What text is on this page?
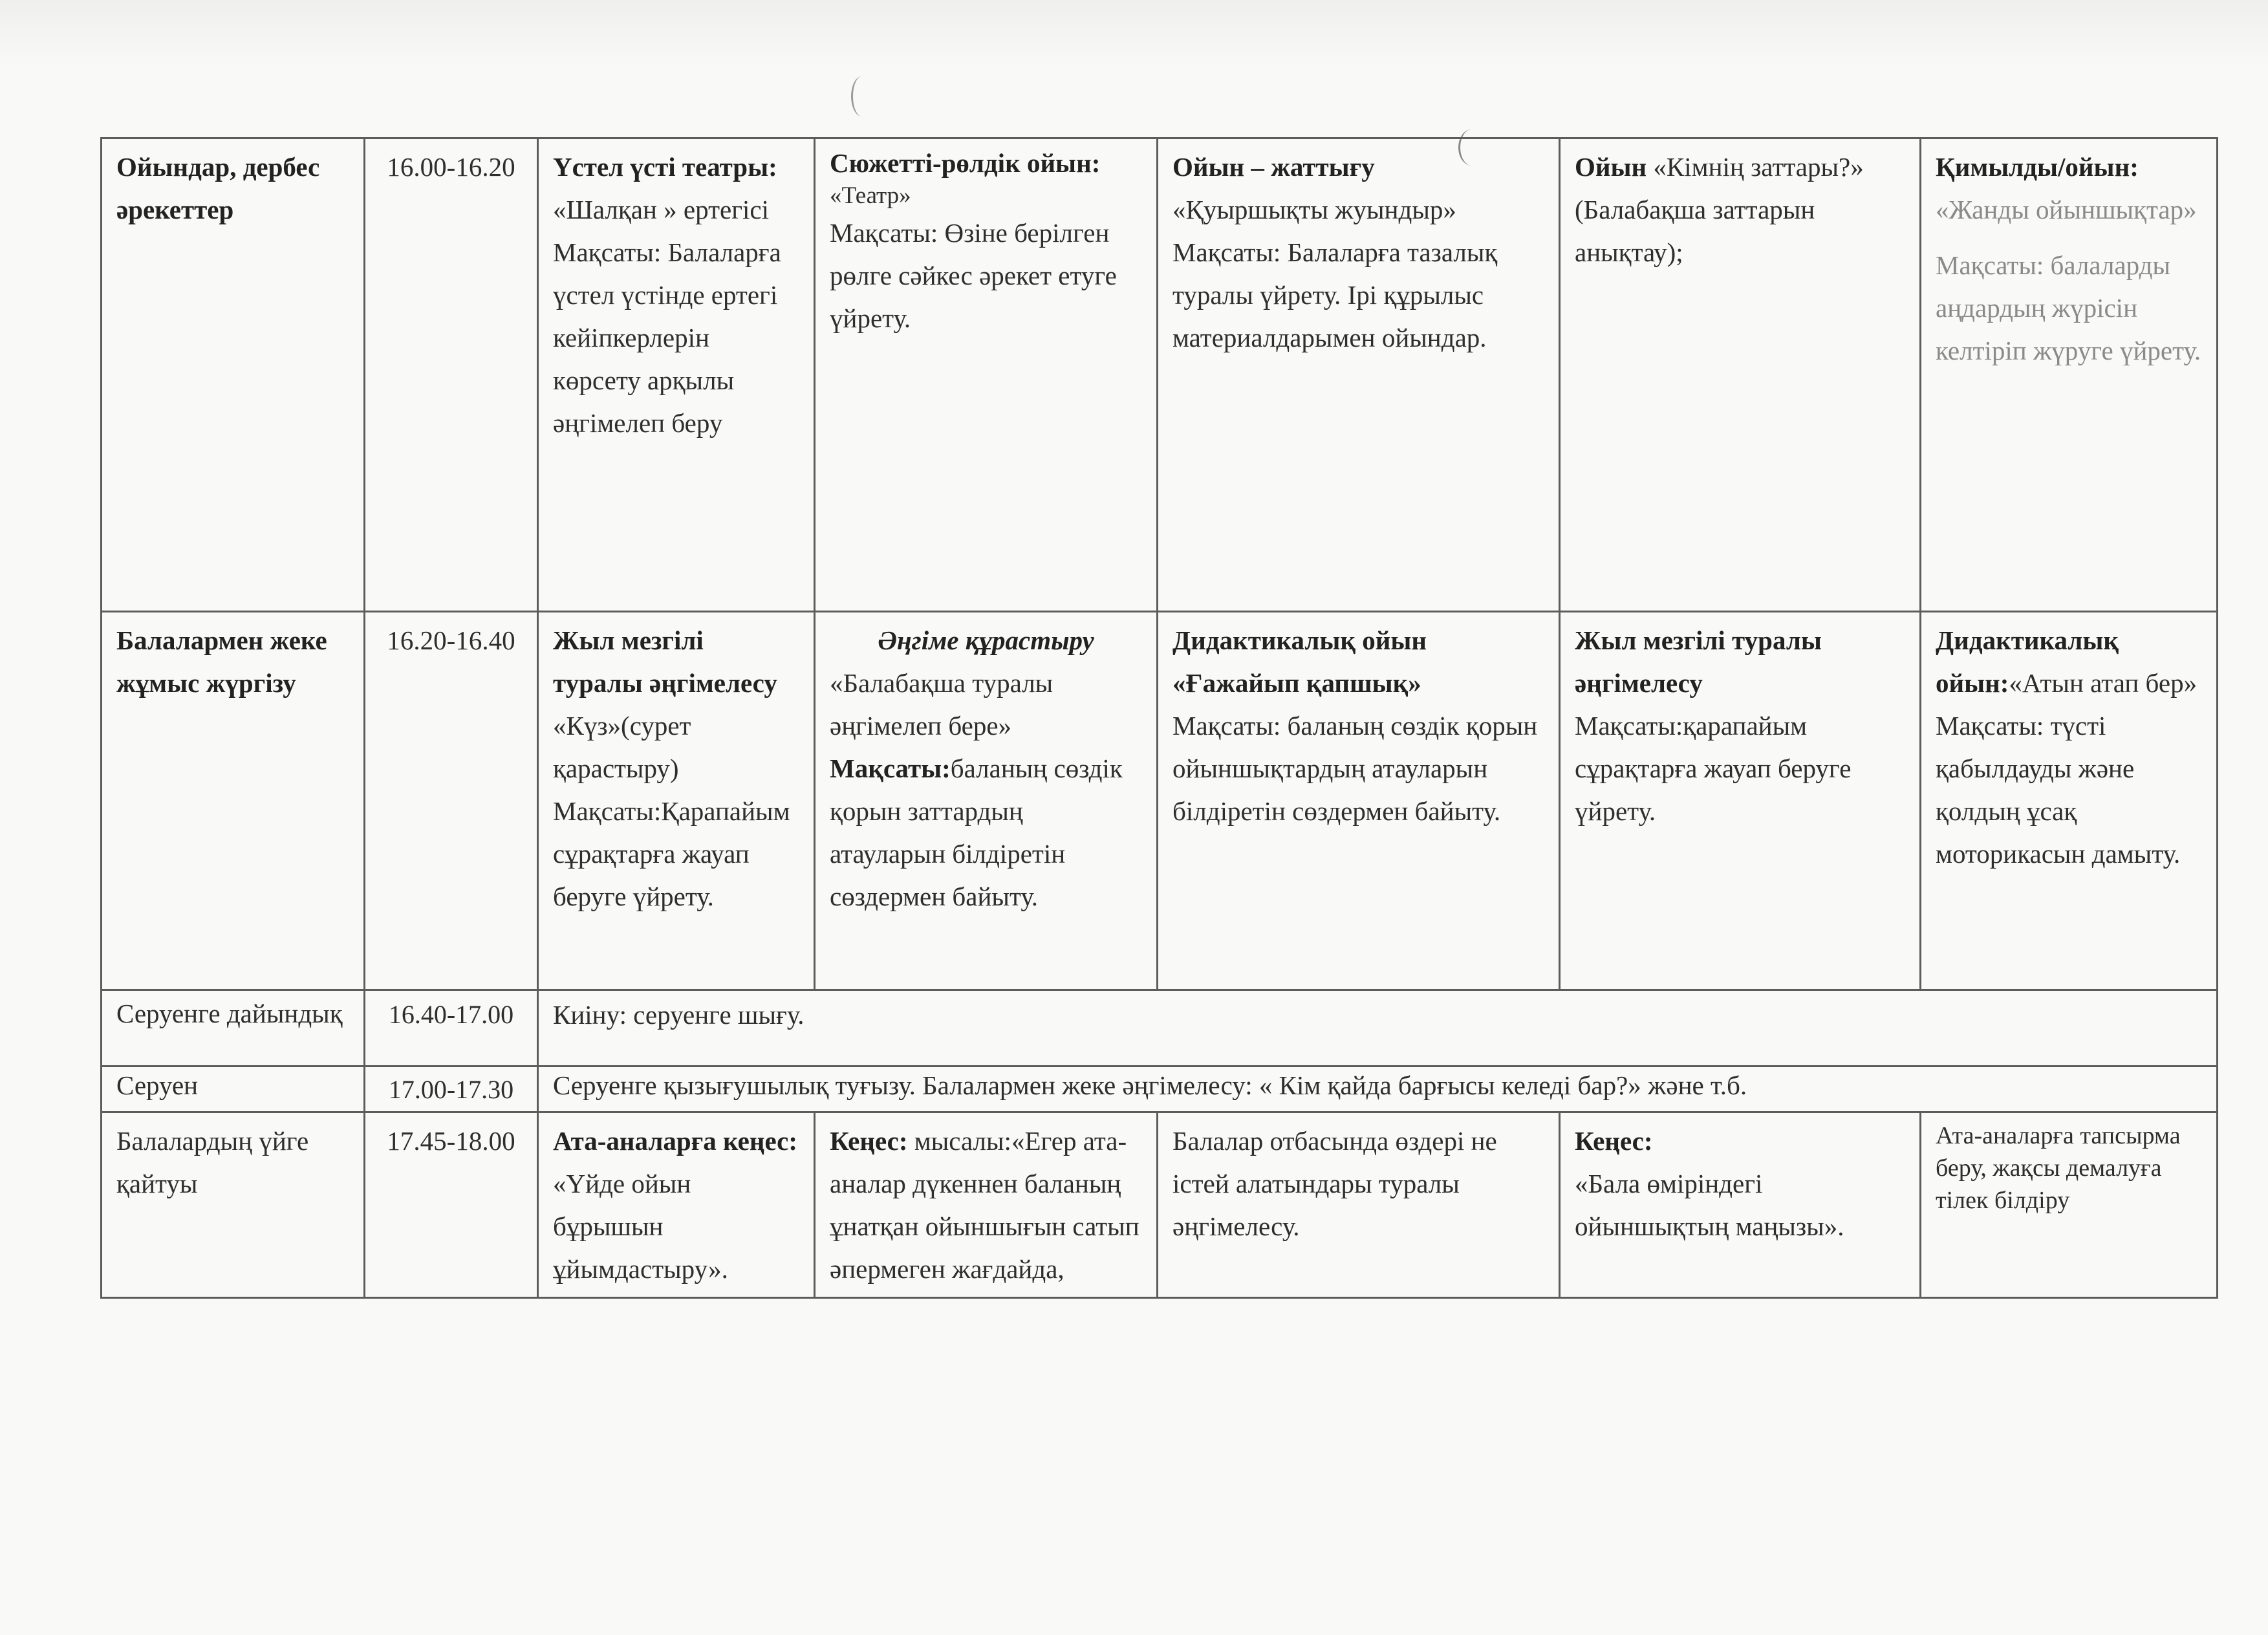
Ойындар, дербес әрекеттер	16.00-16.20	Үстел үсті театры: «Шалқан » ертегісі Мақсаты: Балаларға үстел үстінде ертегі кейіпкерлерін көрсету арқылы әңгімелеп беру	Сюжетті-рөлдік ойын:
«Театр»
Мақсаты: Өзіне берілген рөлге сәйкес әрекет етуге үйрету.	Ойын – жаттығу
«Қуыршықты жуындыр» Мақсаты: Балаларға тазалық туралы үйрету. Ірі құрылыс материалдарымен ойындар.	Ойын «Кімнің заттары?» (Балабақша заттарын анықтау);	Қимылды/ойын:
«Жанды ойыншықтар»
Мақсаты: балаларды аңдардың жүрісін келтіріп жүруге үйрету.
Балалармен жеке жұмыс жүргізу	16.20-16.40	Жыл мезгілі туралы әңгімелесу
«Күз»(сурет қарастыру) Мақсаты:Қарапайым сұрақтарға жауап беруге үйрету.	Әңгіме құрастыру
«Балабақша туралы әңгімелеп бере»
Мақсаты:баланың сөздік қорын заттардың атауларын білдіретін сөздермен байыту.	Дидактикалық ойын «Ғажайып қапшық»
Мақсаты: баланың сөздік қорын ойыншықтардың атауларын білдіретін сөздермен байыту.	Жыл мезгілі туралы әңгімелесу
Мақсаты:қарапайым сұрақтарға жауап беруге үйрету.	Дидактикалық ойын:«Атын атап бер»
Мақсаты: түсті қабылдауды және қолдың ұсақ моторикасын дамыту.

Серуенге дайындық	16.40-17.00	Киіну: серуенге шығу.				
Серуен	17.00-17.30	Серуенге қызығушылық туғызу. Балалармен жеке әңгімелесу: « Кім қайда барғысы келеді бар?» және т.б.				
Балалардың үйге қайтуы	17.45-18.00	Ата-аналарға кеңес:
«Үйде ойын бұрышын ұйымдастыру».	Кеңес: мысалы:«Егер ата-аналар дүкеннен баланың ұнатқан ойыншығын сатып әпермеген жағдайда,	Балалар отбасында өздері не істей алатындары туралы әңгімелесу.	Кеңес:
«Бала өміріндегі ойыншықтың маңызы».	Ата-аналарға тапсырма беру, жақсы демалуға тілек білдіру
